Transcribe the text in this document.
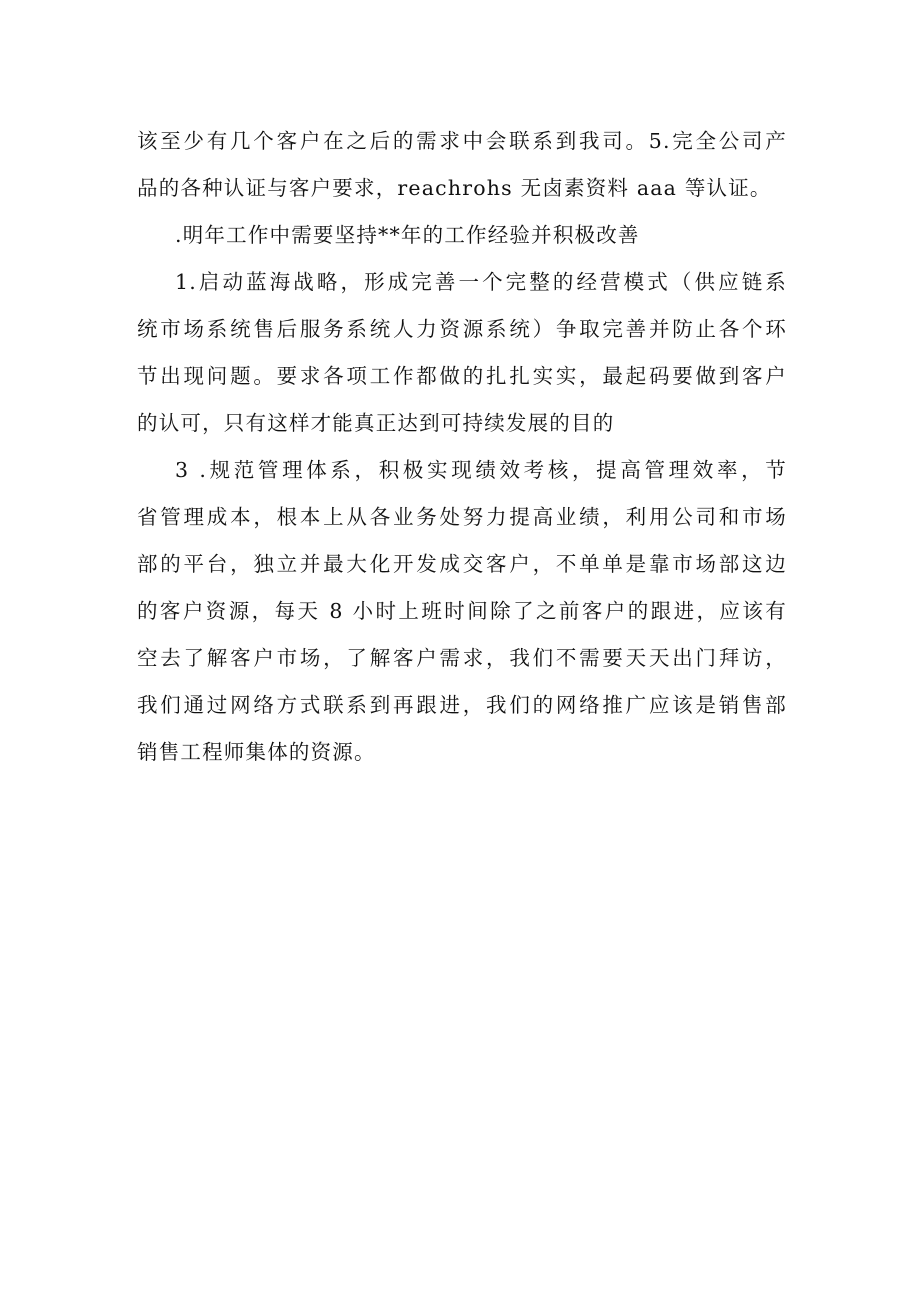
该至少有几个客户在之后的需求中会联系到我司。5.完全公司产
品的各种认证与客户要求，reachrohs 无卤素资料 aaa 等认证。
.明年工作中需要坚持**年的工作经验并积极改善
1.启动蓝海战略，形成完善一个完整的经营模式（供应链系
统市场系统售后服务系统人力资源系统）争取完善并防止各个环
节出现问题。要求各项工作都做的扎扎实实，最起码要做到客户
的认可，只有这样才能真正达到可持续发展的目的
3 .规范管理体系，积极实现绩效考核，提高管理效率，节
省管理成本，根本上从各业务处努力提高业绩，利用公司和市场
部的平台，独立并最大化开发成交客户，不单单是靠市场部这边
的客户资源，每天 8 小时上班时间除了之前客户的跟进，应该有
空去了解客户市场，了解客户需求，我们不需要天天出门拜访，
我们通过网络方式联系到再跟进，我们的网络推广应该是销售部
销售工程师集体的资源。
